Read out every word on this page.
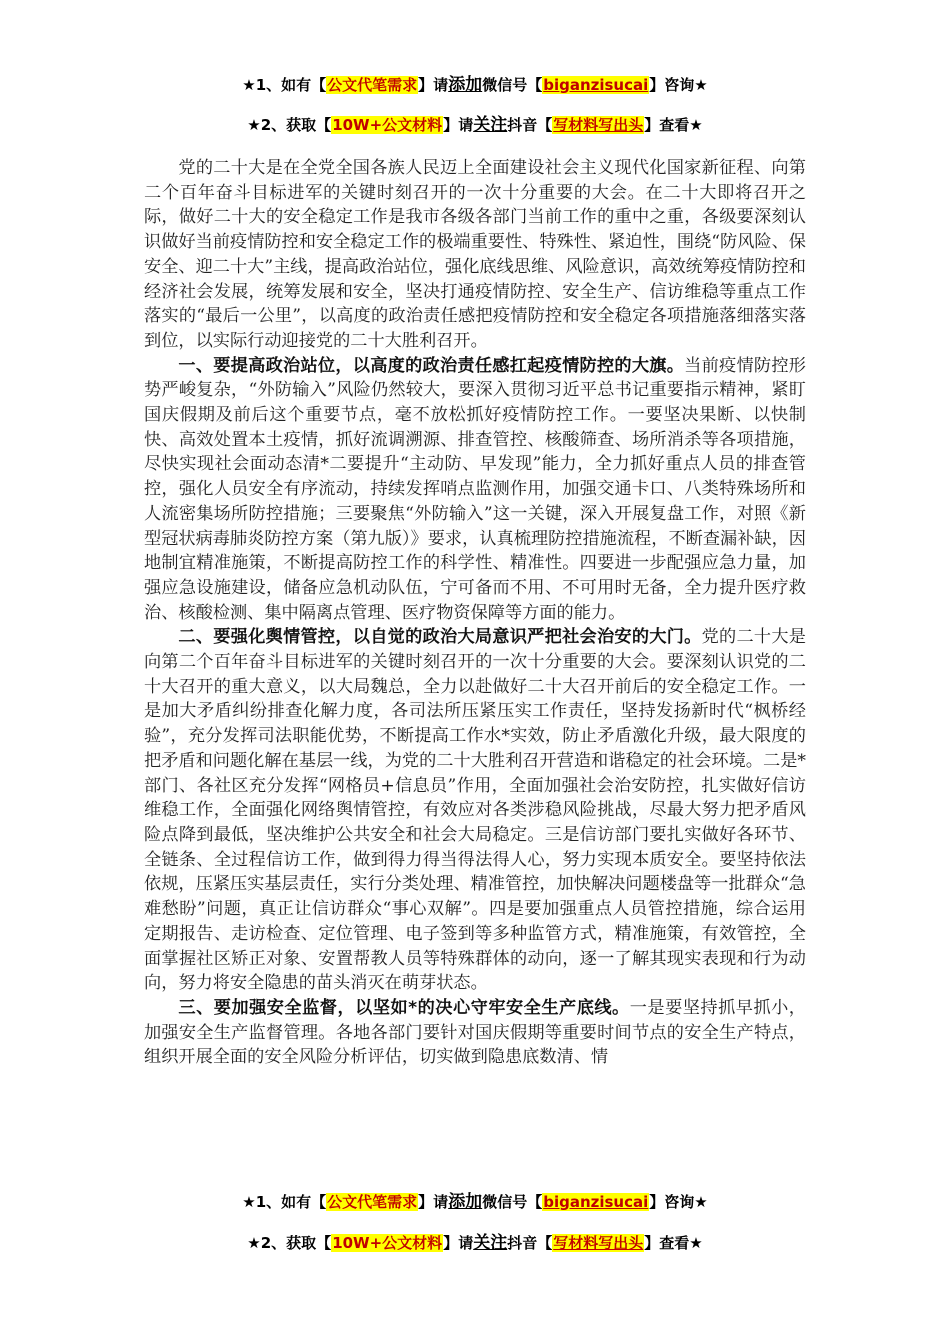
★1、如有【公文代笔需求】请添加微信号【biganzisucai】咨询★
★2、获取【10W+公文材料】请关注抖音【写材料写出头】查看★

党的二十大是在全党全国各族人民迈上全面建设社会主义现代化国家新征程、向第二个百年奋斗目标进军的关键时刻召开的一次十分重要的大会。在二十大即将召开之际，做好二十大的安全稳定工作是我市各级各部门当前工作的重中之重，各级要深刻认识做好当前疫情防控和安全稳定工作的极端重要性、特殊性、紧迫性，围绕“防风险、保安全、迎二十大”主线，提高政治站位，强化底线思维、风险意识，高效统筹疫情防控和经济社会发展，统筹发展和安全，坚决打通疫情防控、安全生产、信访维稳等重点工作落实的“最后一公里”，以高度的政治责任感把疫情防控和安全稳定各项措施落细落实落到位，以实际行动迎接党的二十大胜利召开。

一、要提高政治站位，以高度的政治责任感扛起疫情防控的大旗。当前疫情防控形势严峻复杂，“外防输入”风险仍然较大，要深入贯彻习近平总书记重要指示精神，紧盯国庆假期及前后这个重要节点，毫不放松抓好疫情防控工作。一要坚决果断、以快制快、高效处置本土疫情，抓好流调溯源、排查管控、核酸筛查、场所消杀等各项措施，尽快实现社会面动态清*二要提升“主动防、早发现”能力，全力抓好重点人员的排查管控，强化人员安全有序流动，持续发挥哨点监测作用，加强交通卡口、八类特殊场所和人流密集场所防控措施；三要聚焦“外防输入”这一关键，深入开展复盘工作，对照《新型冠状病毒肺炎防控方案（第九版）》要求，认真梳理防控措施流程，不断查漏补缺，因地制宜精准施策，不断提高防控工作的科学性、精准性。四要进一步配强应急力量，加强应急设施建设，储备应急机动队伍，宁可备而不用、不可用时无备，全力提升医疗救治、核酸检测、集中隔离点管理、医疗物资保障等方面的能力。

二、要强化舆情管控，以自觉的政治大局意识严把社会治安的大门。党的二十大是向第二个百年奋斗目标进军的关键时刻召开的一次十分重要的大会。要深刻认识党的二十大召开的重大意义，以大局魏总，全力以赴做好二十大召开前后的安全稳定工作。一是加大矛盾纠纷排查化解力度，各司法所压紧压实工作责任，坚持发扬新时代“枫桥经验”，充分发挥司法职能优势，不断提高工作水*实效，防止矛盾激化升级，最大限度的把矛盾和问题化解在基层一线，为党的二十大胜利召开营造和谐稳定的社会环境。二是*部门、各社区充分发挥“网格员+信息员”作用，全面加强社会治安防控，扎实做好信访维稳工作，全面强化网络舆情管控，有效应对各类涉稳风险挑战，尽最大努力把矛盾风险点降到最低，坚决维护公共安全和社会大局稳定。三是信访部门要扎实做好各环节、全链条、全过程信访工作，做到得力得当得法得人心，努力实现本质安全。要坚持依法依规，压紧压实基层责任，实行分类处理、精准管控，加快解决问题楼盘等一批群众“急难愁盼”问题，真正让信访群众“事心双解”。四是要加强重点人员管控措施，综合运用定期报告、走访检查、定位管理、电子签到等多种监管方式，精准施策，有效管控，全面掌握社区矫正对象、安置帮教人员等特殊群体的动向，逐一了解其现实表现和行为动向，努力将安全隐患的苗头消灭在萌芽状态。

三、要加强安全监督，以坚如*的决心守牢安全生产底线。一是要坚持抓早抓小，加强安全生产监督管理。各地各部门要针对国庆假期等重要时间节点的安全生产特点，组织开展全面的安全风险分析评估，切实做到隐患底数清、情

★1、如有【公文代笔需求】请添加微信号【biganzisucai】咨询★
★2、获取【10W+公文材料】请关注抖音【写材料写出头】查看★
